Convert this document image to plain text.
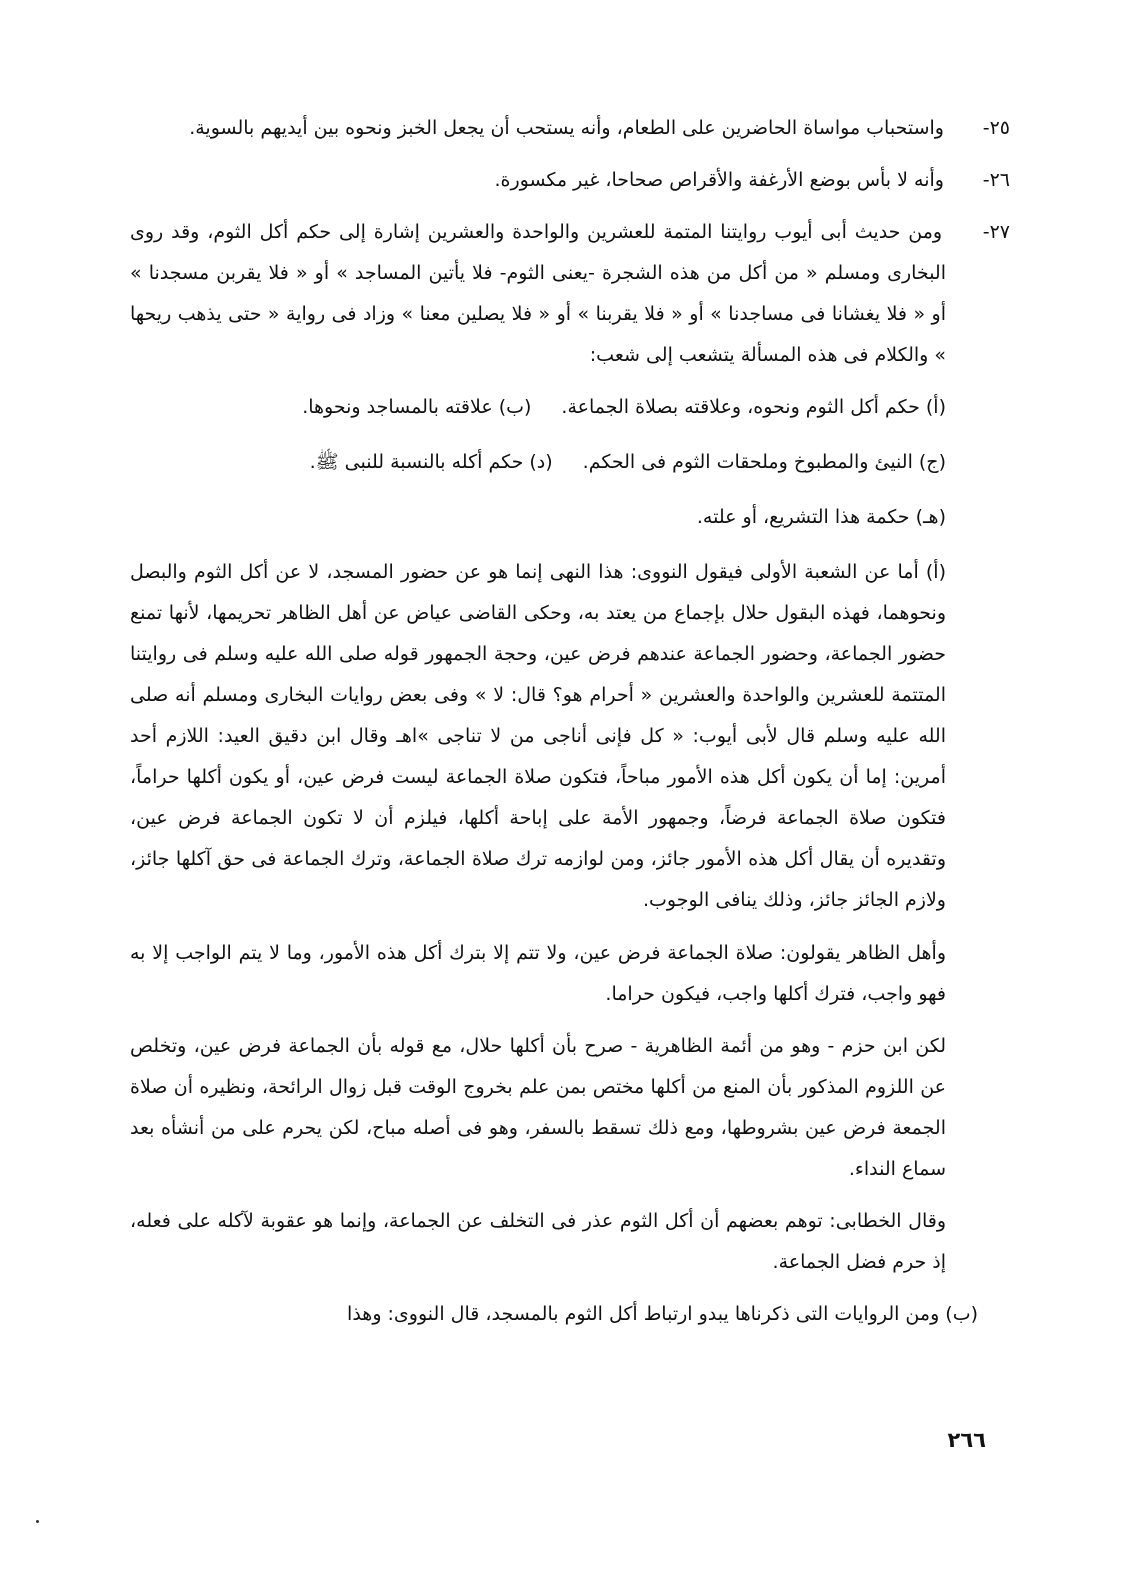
٢٥- واستحباب مواساة الحاضرين على الطعام، وأنه يستحب أن يجعل الخبز ونحوه بين أيديهم بالسوية.

٢٦- وأنه لا بأس بوضع الأرغفة والأقراص صحاحا، غير مكسورة.

٢٧- ومن حديث أبى أيوب روايتنا المتمة للعشرين والواحدة والعشرين إشارة إلى حكم أكل الثوم، وقد روى البخارى ومسلم « من أكل من هذه الشجرة -يعنى الثوم- فلا يأتين المساجد » أو « فلا يقربن مسجدنا » أو « فلا يغشانا فى مساجدنا » أو « فلا يقربنا » أو « فلا يصلين معنا » وزاد فى رواية « حتى يذهب ريحها » والكلام فى هذه المسألة يتشعب إلى شعب:

(أ) حكم أكل الثوم ونحوه، وعلاقته بصلاة الجماعة.
(ب) علاقته بالمساجد ونحوها.
(ج) النيئ والمطبوخ وملحقات الثوم فى الحكم.
(د) حكم أكله بالنسبة للنبى ﷺ.
(هـ) حكمة هذا التشريع، أو علته.

(أ) أما عن الشعبة الأولى فيقول النووى: هذا النهى إنما هو عن حضور المسجد، لا عن أكل الثوم والبصل ونحوهما، فهذه البقول حلال بإجماع من يعتد به، وحكى القاضى عياض عن أهل الظاهر تحريمها، لأنها تمنع حضور الجماعة، وحضور الجماعة عندهم فرض عين، وحجة الجمهور قوله صلى الله عليه وسلم فى روايتنا المتتمة للعشرين والواحدة والعشرين « أحرام هو؟ قال: لا » وفى بعض روايات البخارى ومسلم أنه صلى الله عليه وسلم قال لأبى أيوب: « كل فإنى أناجى من لا تناجى »اهـ وقال ابن دقيق العيد: اللازم أحد أمرين: إما أن يكون أكل هذه الأمور مباحاً، فتكون صلاة الجماعة ليست فرض عين، أو يكون أكلها حراماً، فتكون صلاة الجماعة فرضاً، وجمهور الأمة على إباحة أكلها، فيلزم أن لا تكون الجماعة فرض عين، وتقديره أن يقال أكل هذه الأمور جائز، ومن لوازمه ترك صلاة الجماعة، وترك الجماعة فى حق آكلها جائز، ولازم الجائز جائز، وذلك ينافى الوجوب.

وأهل الظاهر يقولون: صلاة الجماعة فرض عين، ولا تتم إلا بترك أكل هذه الأمور، وما لا يتم الواجب إلا به فهو واجب، فترك أكلها واجب، فيكون حراما.

لكن ابن حزم - وهو من أئمة الظاهرية - صرح بأن أكلها حلال، مع قوله بأن الجماعة فرض عين، وتخلص عن اللزوم المذكور بأن المنع من أكلها مختص بمن علم بخروج الوقت قبل زوال الرائحة، ونظيره أن صلاة الجمعة فرض عين بشروطها، ومع ذلك تسقط بالسفر، وهو فى أصله مباح، لكن يحرم على من أنشأه بعد سماع النداء.

وقال الخطابى: توهم بعضهم أن أكل الثوم عذر فى التخلف عن الجماعة، وإنما هو عقوبة لآكله على فعله، إذ حرم فضل الجماعة.

(ب) ومن الروايات التى ذكرناها يبدو ارتباط أكل الثوم بالمسجد، قال النووى: وهذا

٢٦٦
